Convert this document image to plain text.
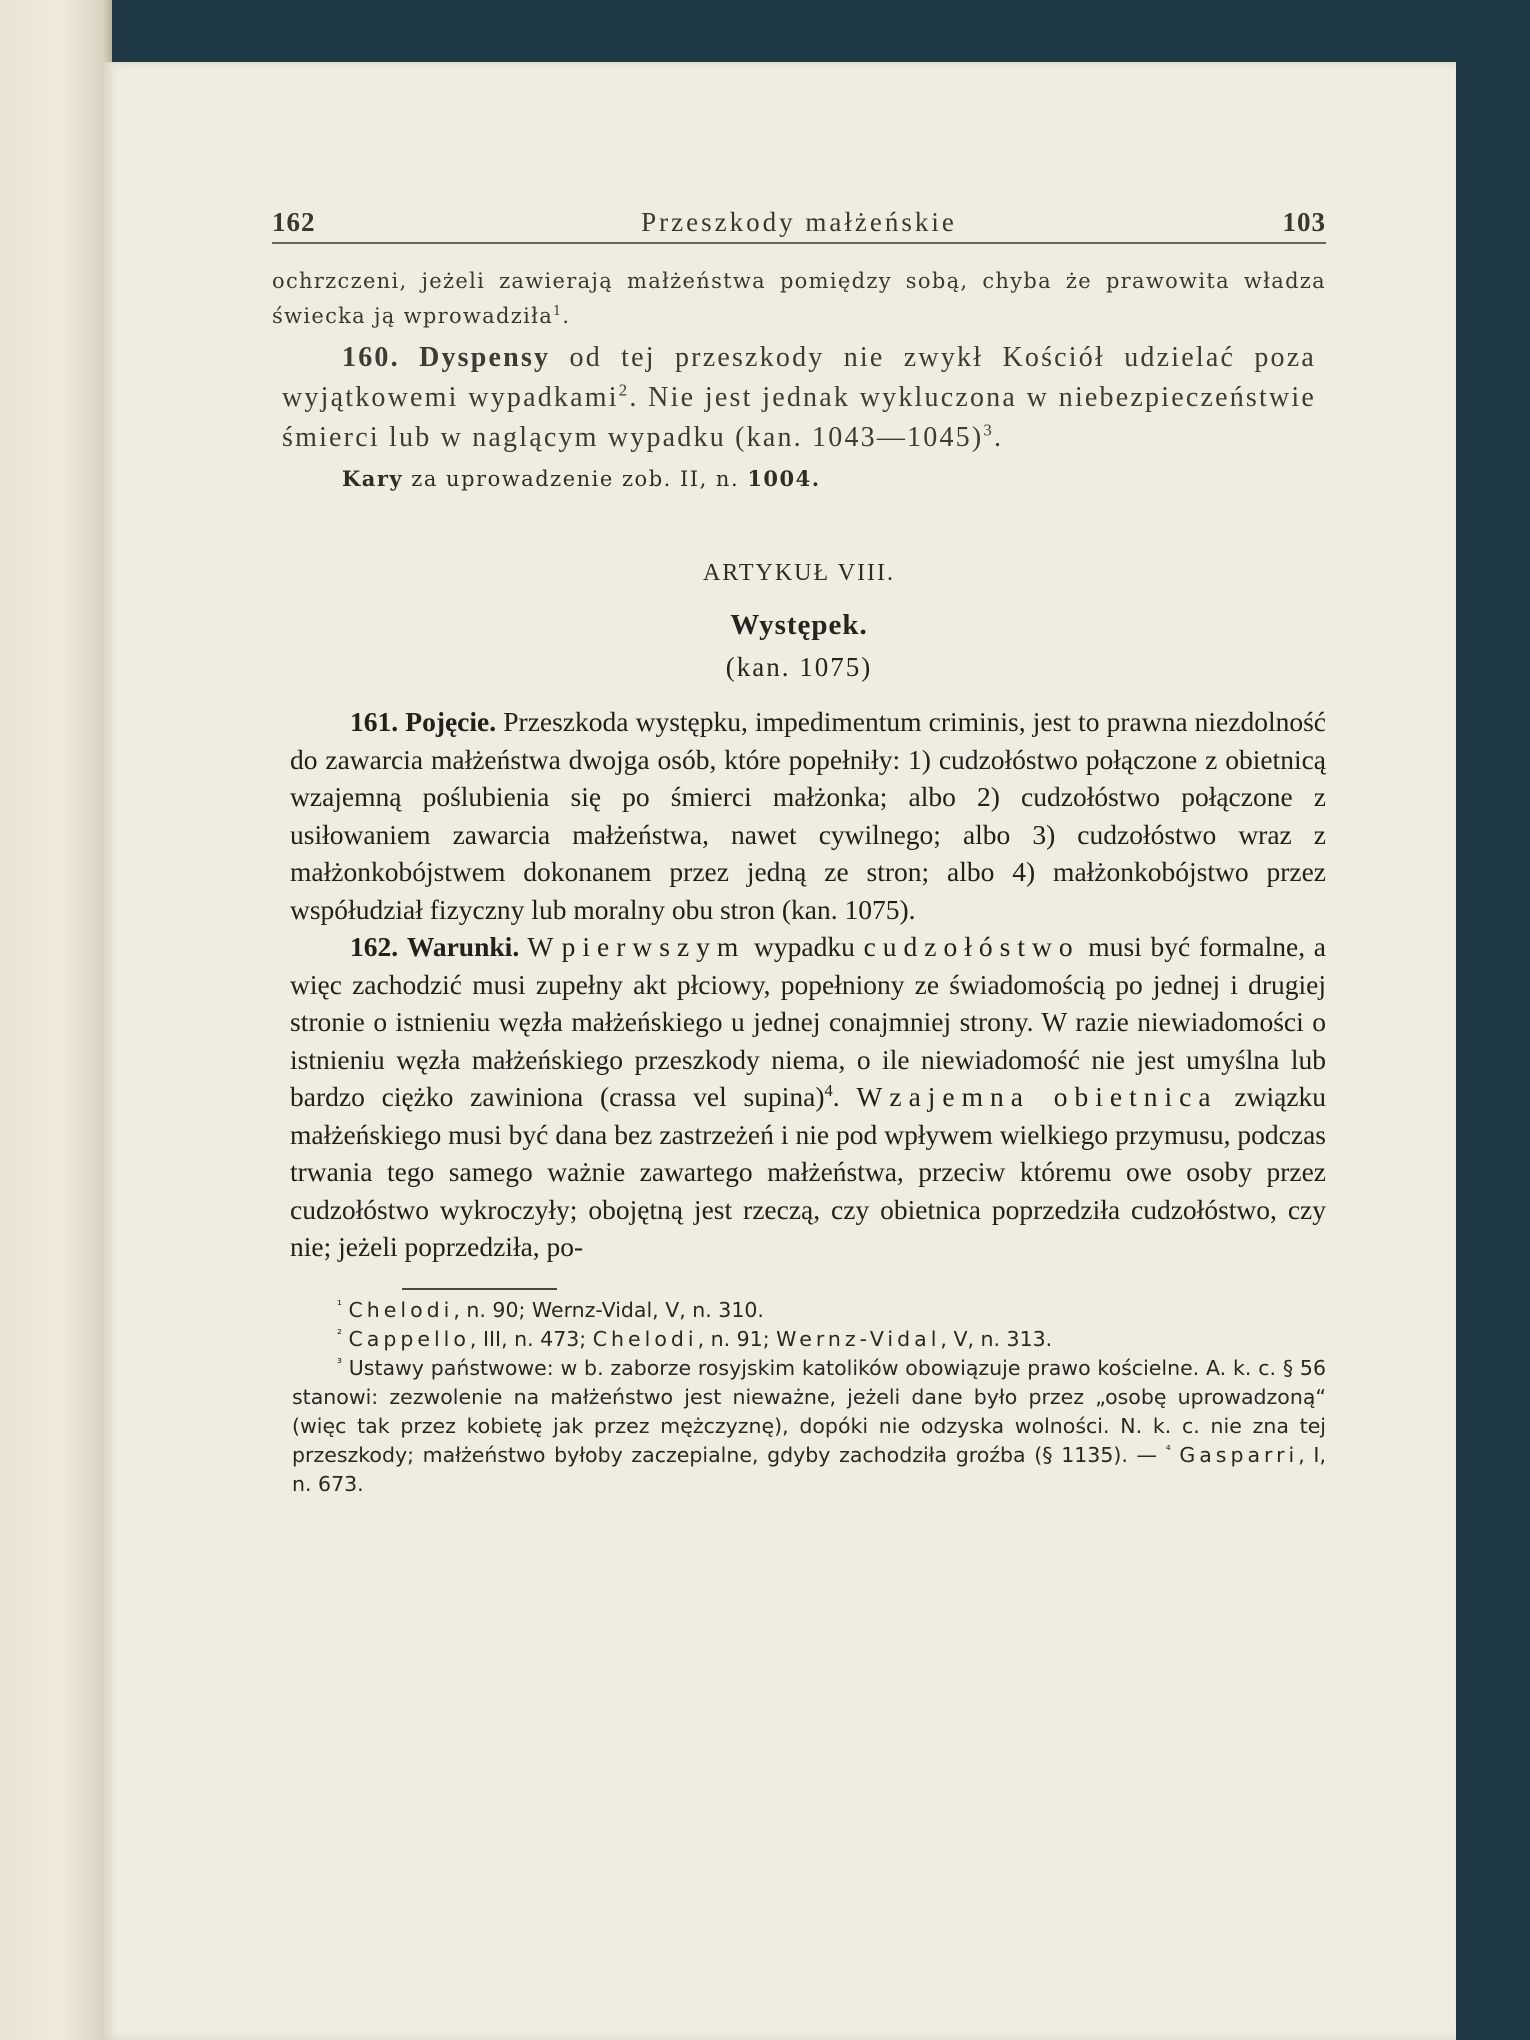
162	Przeszkody małżeńskie	103
ochrzczeni, jeżeli zawierają małżeństwa pomiędzy sobą, chyba że prawowita władza świecka ją wprowadziła$^1$.
160. Dyspensy od tej przeszkody nie zwykł Kościół udzielać poza wyjątkowemi wypadkami$^2$. Nie jest jednak wykluczona w niebezpieczeństwie śmierci lub w naglącym wypadku (kan. 1043—1045)$^3$.
Kary za uprowadzenie zob. II, n. 1004.
ARTYKUŁ VIII.
Występek.
(kan. 1075)

161. Pojęcie. Przeszkoda występku, impedimentum criminis, jest to prawna niezdolność do zawarcia małżeństwa dwojga osób, które popełniły: 1) cudzołóstwo połączone z obietnicą wzajemną poślubienia się po śmierci małżonka; albo 2) cudzołóstwo połączone z usiłowaniem zawarcia małżeństwa, nawet cywilnego; albo 3) cudzołóstwo wraz z małżonkobójstwem dokonanem przez jedną ze stron; albo 4) małżonkobójstwo przez współudział fizyczny lub moralny obu stron (kan. 1075).

162. Warunki. W pierwszym wypadku cudzołóstwo musi być formalne, a więc zachodzić musi zupełny akt płciowy, popełniony ze świadomością po jednej i drugiej stronie o istnieniu węzła małżeńskiego u jednej conajmniej strony. W razie niewiadomości o istnieniu węzła małżeńskiego przeszkody niema, o ile niewiadomość nie jest umyślna lub bardzo ciężko zawiniona (crassa vel supina)$^4$. Wzajemna obietnica związku małżeńskiego musi być dana bez zastrzeżeń i nie pod wpływem wielkiego przymusu, podczas trwania tego samego ważnie zawartego małżeństwa, przeciw któremu owe osoby przez cudzołóstwo wykroczyły; obojętną jest rzeczą, czy obietnica poprzedziła cudzołóstwo, czy nie; jeżeli poprzedziła, po-

$^{^1}$ Chelodi, n. 90; Wernz-Vidal, V, n. 310.
$^{^2}$ Cappello, III, n. 473; Chelodi, n. 91; Wernz-Vidal, V, n. 313.
$^{^3}$ Ustawy państwowe: w b. zaborze rosyjskim katolików obowiązuje prawo kościelne. A. k. c. § 56 stanowi: zezwolenie na małżeństwo jest nieważne, jeżeli dane było przez „osobę uprowadzoną“ (więc tak przez kobietę jak przez mężczyznę), dopóki nie odzyska wolności. N. k. c. nie zna tej przeszkody; małżeństwo byłoby zaczepialne, gdyby zachodziła groźba (§ 1135). — $^{^4}$ Gasparri, I, n. 673.
